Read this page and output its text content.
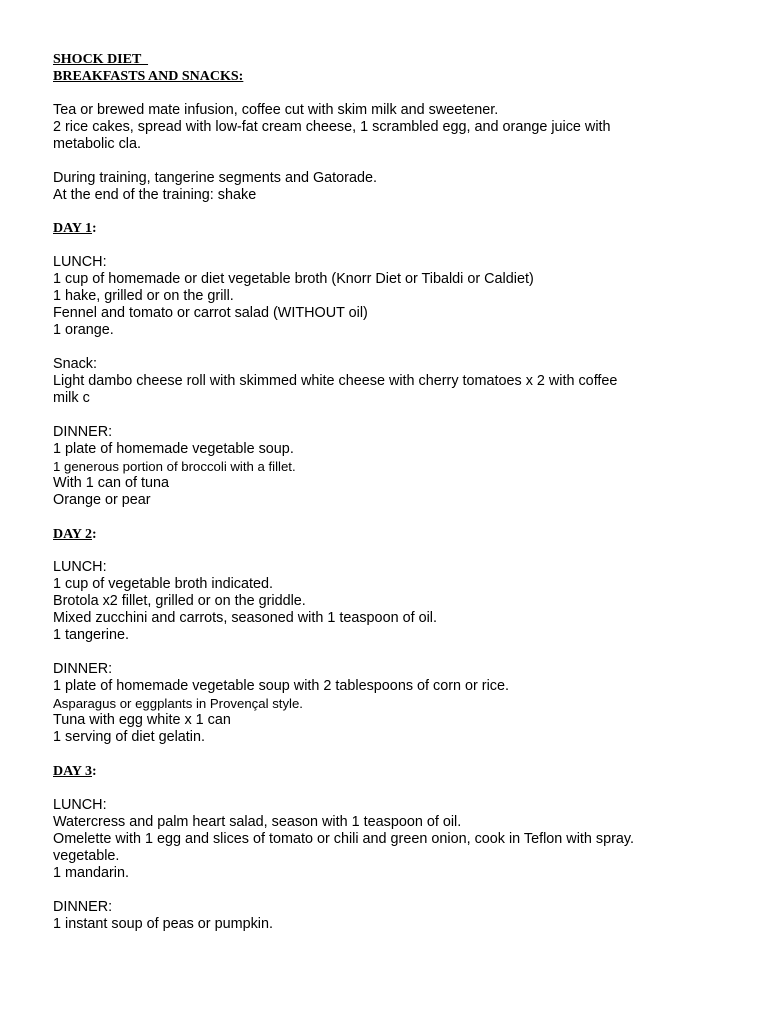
SHOCK DIET
BREAKFASTS AND SNACKS:
Tea or brewed mate infusion, coffee cut with skim milk and sweetener.
2 rice cakes, spread with low-fat cream cheese, 1 scrambled egg, and orange juice with
metabolic cla.
During training, tangerine segments and Gatorade.
At the end of the training: shake
DAY 1:
LUNCH:
1 cup of homemade or diet vegetable broth (Knorr Diet or Tibaldi or Caldiet)
1 hake, grilled or on the grill.
Fennel and tomato or carrot salad (WITHOUT oil)
1 orange.
Snack:
Light dambo cheese roll with skimmed white cheese with cherry tomatoes x 2 with coffee
milk c
DINNER:
1 plate of homemade vegetable soup.
1 generous portion of broccoli with a fillet.
With 1 can of tuna
Orange or pear
DAY 2:
LUNCH:
1 cup of vegetable broth indicated.
Brotola x2 fillet, grilled or on the griddle.
Mixed zucchini and carrots, seasoned with 1 teaspoon of oil.
1 tangerine.
DINNER:
1 plate of homemade vegetable soup with 2 tablespoons of corn or rice.
Asparagus or eggplants in Provençal style.
Tuna with egg white x 1 can
1 serving of diet gelatin.
DAY 3:
LUNCH:
Watercress and palm heart salad, season with 1 teaspoon of oil.
Omelette with 1 egg and slices of tomato or chili and green onion, cook in Teflon with spray.
vegetable.
1 mandarin.
DINNER:
1 instant soup of peas or pumpkin.
